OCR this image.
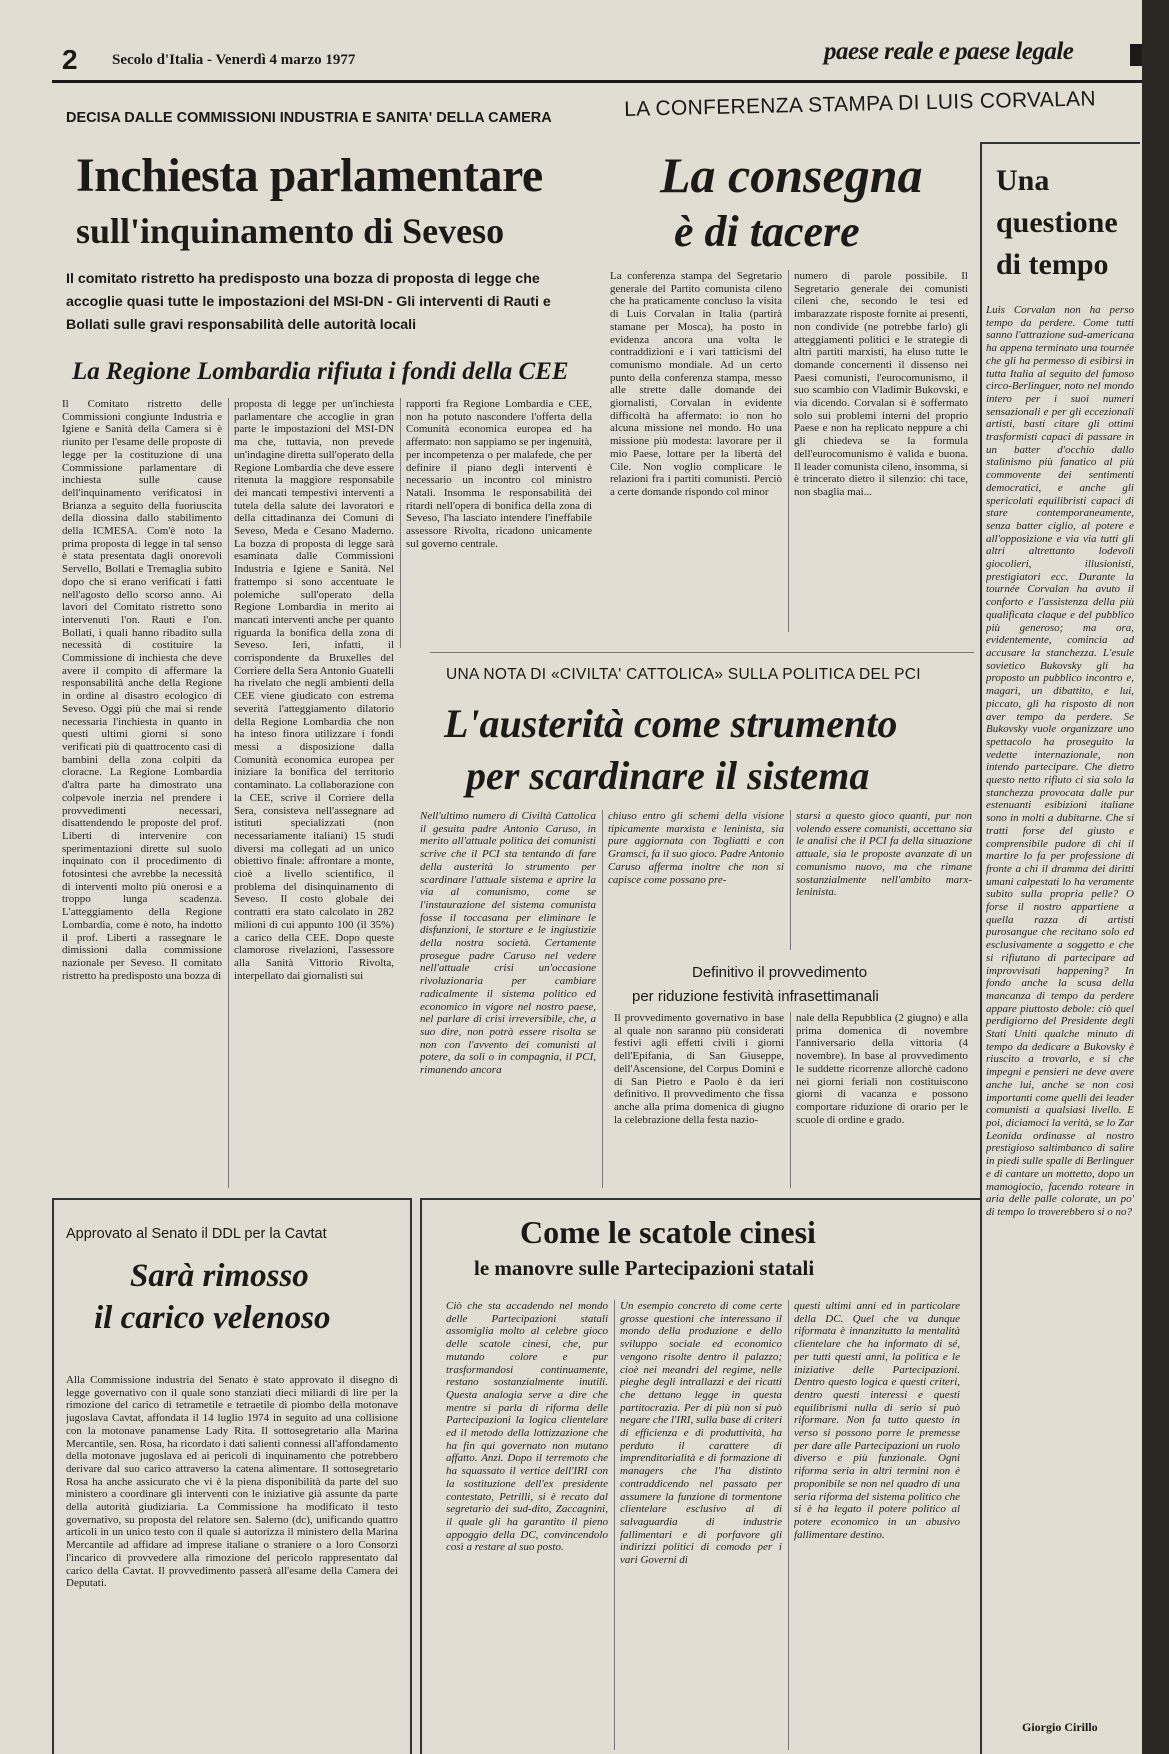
2 Secolo d'Italia - Venerdì 4 marzo 1977	paese reale e paese legale
DECISA DALLE COMMISSIONI INDUSTRIA E SANITA' DELLA CAMERA
Inchiesta parlamentare
sull'inquinamento di Seveso
Il comitato ristretto ha predisposto una bozza di proposta di legge che accoglie quasi tutte le impostazioni del MSI-DN - Gli interventi di Rauti e Bollati sulle gravi responsabilità delle autorità locali
La Regione Lombardia rifiuta i fondi della CEE
Il Comitato ristretto delle Commissioni congiunte Industria e Igiene e Sanità della Camera si è riunito per l'esame delle proposte di legge per la costituzione di una Commissione parlamentare di inchiesta sulle cause dell'inquinamento verificatosi in Brianza a seguito della fuoriuscita della diossina dallo stabilimento della ICMESA. Com'è noto la prima proposta di legge in tal senso è stata presentata dagli onorevoli Servello, Bollati e Tremaglia subito dopo che si erano verificati i fatti nell'agosto dello scorso anno. Ai lavori del Comitato ristretto sono intervenuti l'on. Rauti e l'on. Bollati, i quali hanno ribadito sulla necessità di costituire la Commissione di inchiesta che deve avere il compito di affermare la responsabilità anche della Regione in ordine al disastro ecologico di Seveso. Oggi più che mai si rende necessaria l'inchiesta in quanto in questi ultimi giorni si sono verificati più di quattrocento casi di bambini della zona colpiti da cloracne. La Regione Lombardia d'altra parte ha dimostrato una colpevole inerzia nel prendere i provvedimenti necessari, disattendendo le proposte del prof. Liberti di intervenire con sperimentazioni dirette sul suolo inquinato con il procedimento di fotosintesi che avrebbe la necessità di interventi molto più onerosi e a troppo lunga scadenza. L'atteggiamento della Regione Lombardia, come è noto, ha indotto il prof. Liberti a rassegnare le dimissioni dalla commissione nazionale per Seveso. Il comitato ristretto ha predisposto una bozza di
proposta di legge per un'inchiesta parlamentare che accoglie in gran parte le impostazioni del MSI-DN ma che, tuttavia, non prevede un'indagine diretta sull'operato della Regione Lombardia che deve essere ritenuta la maggiore responsabile dei mancati tempestivi interventi a tutela della salute dei lavoratori e della cittadinanza dei Comuni di Seveso, Meda e Cesano Maderno. La bozza di proposta di legge sarà esaminata dalle Commissioni Industria e Igiene e Sanità. Nel frattempo si sono accentuate le polemiche sull'operato della Regione Lombardia in merito ai mancati interventi anche per quanto riguarda la bonifica della zona di Seveso. Ieri, infatti, il corrispondente da Bruxelles del Corriere della Sera Antonio Guatelli ha rivelato che negli ambienti della CEE viene giudicato con estrema severità l'atteggiamento dilatorio della Regione Lombardia che non ha inteso finora utilizzare i fondi messi a disposizione dalla Comunità economica europea per iniziare la bonifica del territorio contaminato. La collaborazione con la CEE, scrive il Corriere della Sera, consisteva nell'assegnare ad istituti specializzati (non necessariamente italiani) 15 studi diversi ma collegati ad un unico obiettivo finale: affrontare a monte, cioè a livello scientifico, il problema del disinquinamento di Seveso. Il costo globale dei contratti era stato calcolato in 282 milioni di cui appunto 100 (il 35%) a carico della CEE. Dopo queste clamorose rivelazioni, l'assessore alla Sanità Vittorio Rivolta, interpellato dai giornalisti sui
rapporti fra Regione Lombardia e CEE, non ha potuto nascondere l'offerta della Comunità economica europea ed ha affermato: non sappiamo se per ingenuità, per incompetenza o per malafede, che per definire il piano degli interventi è necessario un incontro col ministro Natali. Insomma le responsabilità dei ritardi nell'opera di bonifica della zona di Seveso, l'ha lasciato intendere l'ineffabile assessore Rivolta, ricadono unicamente sul governo centrale.
LA CONFERENZA STAMPA DI LUIS CORVALAN
La consegna
è di tacere
La conferenza stampa del Segretario generale del Partito comunista cileno che ha praticamente concluso la visita di Luis Corvalan in Italia (partirà stamane per Mosca), ha posto in evidenza ancora una volta le contraddizioni e i vari tatticismi del comunismo mondiale. Ad un certo punto della conferenza stampa, messo alle strette dalle domande dei giornalisti, Corvalan in evidente difficoltà ha affermato: io non ho alcuna missione nel mondo. Ho una missione più modesta: lavorare per il mio Paese, lottare per la libertà del Cile. Non voglio complicare le relazioni fra i partiti comunisti. Perciò a certe domande rispondo col minor
numero di parole possibile. Il Segretario generale dei comunisti cileni che, secondo le tesi ed imbarazzate risposte fornite ai presenti, non condivide (ne potrebbe farlo) gli atteggiamenti politici e le strategie di altri partiti marxisti, ha eluso tutte le domande concernenti il dissenso nei Paesi comunisti, l'eurocomunismo, il suo scambio con Vladimir Bukovski, e via dicendo. Corvalan si è soffermato solo sui problemi interni del proprio Paese e non ha replicato neppure a chi gli chiedeva se la formula dell'eurocomunismo è valida e buona. Il leader comunista cileno, insomma, si è trincerato dietro il silenzio: chi tace, non sbaglia mai...
Una
questione
di tempo
Luis Corvalan non ha perso tempo da perdere. Come tutti sanno l'attrazione sud-americana ha appena terminato una tournée che gli ha permesso di esibirsi in tutta Italia al seguito del famoso circo-Berlinguer, noto nel mondo intero per i suoi numeri sensazionali e per gli eccezionali artisti, basti citare gli ottimi trasformisti capaci di passare in un batter d'occhio dallo stalinismo più fanatico al più commovente dei sentimenti democratici, e anche gli spericolati equilibristi capaci di stare contemporaneamente, senza batter ciglio, al potere e all'opposizione e via via tutti gli altri altrettanto lodevoli giocolieri, illusionisti, prestigiatori ecc. Durante la tournée Corvalan ha avuto il conforto e l'assistenza della più qualificata claque e del pubblico più generoso; ma ora, evidentemente, comincia ad accusare la stanchezza. L'esule sovietico Bukovsky gli ha proposto un pubblico incontro e, magari, un dibattito, e lui, piccato, gli ha risposto di non aver tempo da perdere. Se Bukovsky vuole organizzare uno spettacolo ha proseguito la vedette internazionale, non intendo partecipare. Che dietro questo netto rifiuto ci sia solo la stanchezza provocata dalle pur estenuanti esibizioni italiane sono in molti a dubitarne. Che si tratti forse del giusto e comprensibile pudore di chi il martire lo fa per professione di fronte a chi il dramma dei diritti umani calpestati lo ha veramente subito sulla propria pelle? O forse il nostro appartiene a quella razza di artisti purosangue che recitano solo ed esclusivamente a soggetto e che si rifiutano di partecipare ad improvvisati happening? In fondo anche la scusa della mancanza di tempo da perdere appare piuttosto debole: ciò quel perdigiorno del Presidente degli Stati Uniti qualche minuto di tempo da dedicare a Bukovsky è riuscito a trovarlo, e si che impegni e pensieri ne deve avere anche lui, anche se non così importanti come quelli dei leader comunisti a qualsiasi livello. E poi, diciamoci la verità, se lo Zar Leonida ordinasse al nostro prestigioso saltimbanco di salire in piedi sulle spalle di Berlinguer e di cantare un mottetto, dopo un mamogiocio, facendo roteare in aria delle palle colorate, un po' di tempo lo troverebbero si o no?
Giorgio Cirillo
UNA NOTA DI «CIVILTA' CATTOLICA» SULLA POLITICA DEL PCI
L'austerità come strumento
per scardinare il sistema
Nell'ultimo numero di Civiltà Cattolica il gesuita padre Antonio Caruso, in merito all'attuale politica dei comunisti scrive che il PCI sta tentando di fare della austerità lo strumento per scardinare l'attuale sistema e aprire la via al comunismo, come se l'instaurazione del sistema comunista fosse il toccasana per eliminare le disfunzioni, le storture e le ingiustizie della nostra società. Certamente prosegue padre Caruso nel vedere nell'attuale crisi un'occasione rivoluzionaria per cambiare radicalmente il sistema politico ed economico in vigore nel nostro paese, nel parlare di crisi irreversibile, che, a suo dire, non potrà essere risolta se non con l'avvento dei comunisti al potere, da soli o in compagnia, il PCI, rimanendo ancora
chiuso entro gli schemi della visione tipicamente marxista e leninista, sia pure aggiornata con Togliatti e con Gramsci, fa il suo gioco. Padre Antonio Caruso afferma inoltre che non si capisce come possano pre-
starsi a questo gioco quanti, pur non volendo essere comunisti, accettano sia le analisi che il PCI fa della situazione attuale, sia le proposte avanzate di un comunismo nuovo, ma che rimane sostanzialmente nell'ambito marx-leninista.
Definitivo il provvedimento
per riduzione festività infrasettimanali
Il provvedimento governativo in base al quale non saranno più considerati festivi agli effetti civili i giorni dell'Epifania, di San Giuseppe, dell'Ascensione, del Corpus Domini e di San Pietro e Paolo è da ieri definitivo. Il provvedimento che fissa anche alla prima domenica di giugno la celebrazione della festa nazio-
nale della Repubblica (2 giugno) e alla prima domenica di novembre l'anniversario della vittoria (4 novembre). In base al provvedimento le suddette ricorrenze allorchè cadono nei giorni feriali non costituiscono giorni di vacanza e possono comportare riduzione di orario per le scuole di ordine e grado.
Approvato al Senato il DDL per la Cavtat
Sarà rimosso
il carico velenoso
Alla Commissione industria del Senato è stato approvato il disegno di legge governativo con il quale sono stanziati dieci miliardi di lire per la rimozione del carico di tetrametile e tetraetile di piombo della motonave jugoslava Cavtat, affondata il 14 luglio 1974 in seguito ad una collisione con la motonave panamense Lady Rita. Il sottosegretario alla Marina Mercantile, sen. Rosa, ha ricordato i dati salienti connessi all'affondamento della motonave jugoslava ed ai pericoli di inquinamento che potrebbero derivare dal suo carico attraverso la catena alimentare. Il sottosegretario Rosa ha anche assicurato che vi è la piena disponibilità da parte del suo ministero a coordinare gli interventi con le iniziative già assunte da parte della autorità giudiziaria. La Commissione ha modificato il testo governativo, su proposta del relatore sen. Salerno (dc), unificando quattro articoli in un unico testo con il quale si autorizza il ministero della Marina Mercantile ad affidare ad imprese italiane o straniere o a loro Consorzi l'incarico di provvedere alla rimozione del pericolo rappresentato dal carico della Cavtat. Il provvedimento passerà all'esame della Camera dei Deputati.
Come le scatole cinesi
le manovre sulle Partecipazioni statali
Ciò che sta accadendo nel mondo delle Partecipazioni statali assomiglia molto al celebre gioco delle scatole cinesi, che, pur mutando colore e pur trasformandosi continuamente, restano sostanzialmente inutili. Questa analogia serve a dire che mentre si parla di riforma delle Partecipazioni la logica clientelare ed il metodo della lottizzazione che ha fin qui governato non mutano affatto. Anzi. Dopo il terremoto che ha squassato il vertice dell'IRI con la sostituzione dell'ex presidente contestato, Petrilli, si è recato dal segretario dei sud-dito, Zaccagnini, il quale gli ha garantito il pieno appoggio della DC, convincendolo così a restare al suo posto.
Un esempio concreto di come certe grosse questioni che interessano il mondo della produzione e dello sviluppo sociale ed economico vengono risolte dentro il palazzo; cioè nei meandri del regime, nelle pieghe degli intrallazzi e dei ricatti che dettano legge in questa partitocrazia. Per di più non si può negare che l'IRI, sulla base di criteri di efficienza e di produttività, ha perduto il carattere di imprenditorialità e di formazione di managers che l'ha distinto contraddicendo nel passato per assumere la funzione di tormentone clientelare esclusivo al di salvaguardia di industrie fallimentari e di porfavore gli indirizzi politici di comodo per i vari Governi di
questi ultimi anni ed in particolare della DC. Quel che va dunque riformata è innanzitutto la mentalità clientelare che ha informato di sé, per tutti questi anni, la politica e le iniziative delle Partecipazioni. Dentro questo logica e questi criteri, dentro questi interessi e questi equilibrismi nulla di serio si può riformare. Non fa tutto questo in verso si possono porre le premesse per dare alle Partecipazioni un ruolo diverso e più funzionale. Ogni riforma seria in altri termini non è proponibile se non nel quadro di una seria riforma del sistema politico che si è ha legato il potere politico al potere economico in un abusivo fallimentare destino.
